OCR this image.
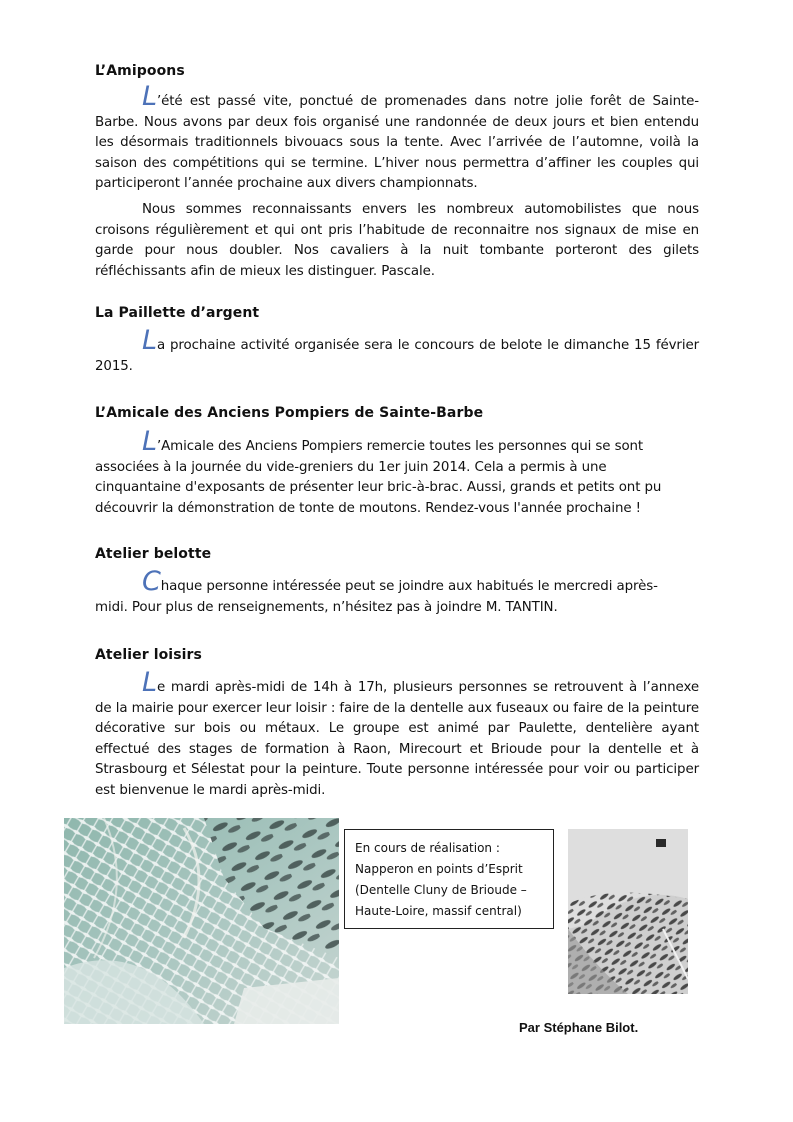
L’Amipoons

L’été est passé vite, ponctué de promenades dans notre jolie forêt de Sainte-Barbe. Nous avons par deux fois organisé une randonnée de deux jours et bien entendu les désormais traditionnels bivouacs sous la tente. Avec l’arrivée de l’automne, voilà la saison des compétitions qui se termine. L’hiver nous permettra d’affiner les couples qui participeront l’année prochaine aux divers championnats.

Nous sommes reconnaissants envers les nombreux automobilistes que nous croisons régulièrement et qui ont pris l’habitude de reconnaitre nos signaux de mise en garde pour nous doubler. Nos cavaliers à la nuit tombante porteront des gilets réfléchissants afin de mieux les distinguer. Pascale.

La Paillette d’argent

La prochaine activité organisée sera le concours de belote le dimanche 15 février 2015.

L’Amicale des Anciens Pompiers de Sainte-Barbe

L’Amicale des Anciens Pompiers remercie toutes les personnes qui se sont associées à la journée du vide-greniers du 1er juin 2014. Cela a permis à une cinquantaine d'exposants de présenter leur bric-à-brac. Aussi, grands et petits ont pu découvrir la démonstration de tonte de moutons. Rendez-vous l'année prochaine !

Atelier belotte

Chaque personne intéressée peut se joindre aux habitués le mercredi après-midi. Pour plus de renseignements, n’hésitez pas à joindre M. TANTIN.

Atelier loisirs

Le mardi après-midi de 14h à 17h, plusieurs personnes se retrouvent à l’annexe de la mairie pour exercer leur loisir : faire de la dentelle aux fuseaux ou faire de la peinture décorative sur bois ou métaux. Le groupe est animé par Paulette, dentelière ayant effectué des stages de formation à Raon, Mirecourt et Brioude pour la dentelle et à Strasbourg et Sélestat pour la peinture. Toute personne intéressée pour voir ou participer est bienvenue le mardi après-midi.

En cours de réalisation :
Napperon en points d’Esprit
(Dentelle Cluny de Brioude –
Haute-Loire, massif central)
Par Stéphane Bilot.
